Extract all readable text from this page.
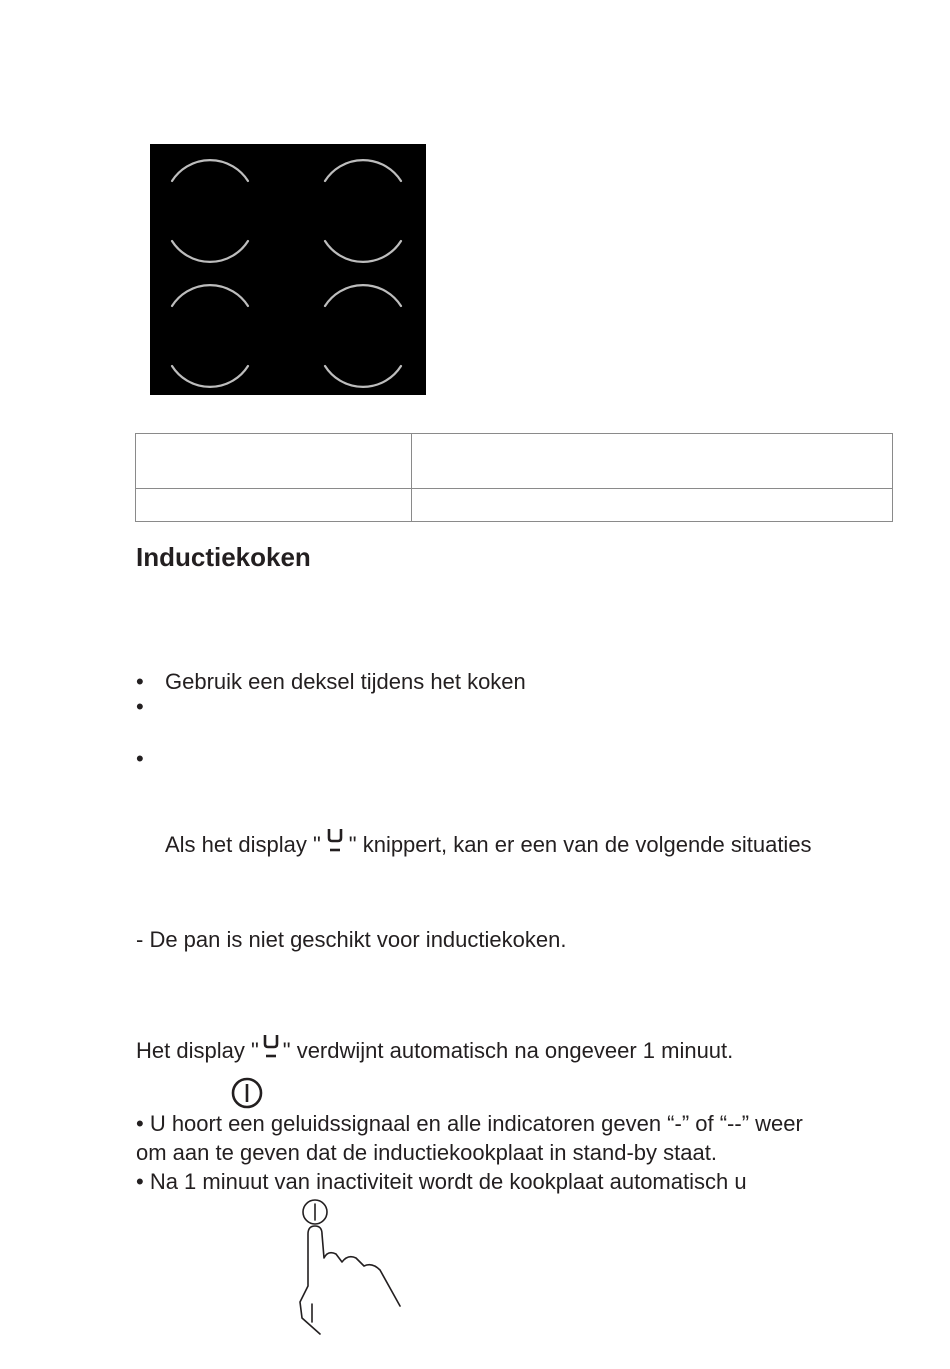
Inductiekoken
• Gebruik een deksel tijdens het koken
•
•
Als het display " " knippert, kan er een van de volgende situaties
- De pan is niet geschikt voor inductiekoken.
Het display " " verdwijnt automatisch na ongeveer 1 minuut.
• U hoort een geluidssignaal en alle indicatoren geven “-” of “--” weer
om aan te geven dat de inductiekookplaat in stand-by staat.
• Na 1 minuut van inactiviteit wordt de kookplaat automatisch u
